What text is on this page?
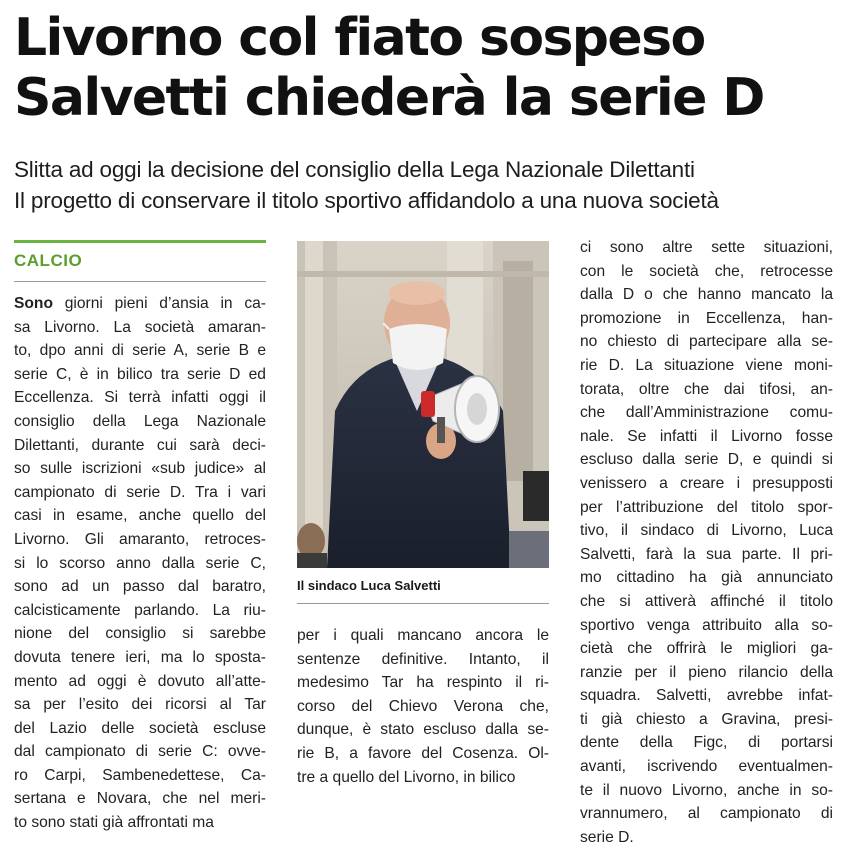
Livorno col fiato sospeso
Salvetti chiederà la serie D
Slitta ad oggi la decisione del consiglio della Lega Nazionale Dilettanti
Il progetto di conservare il titolo sportivo affidandolo a una nuova società
CALCIO
Sono giorni pieni d’ansia in ca-
sa Livorno. La società amaran-
to, dpo anni di serie A, serie B e
serie C, è in bilico tra serie D ed
Eccellenza. Si terrà infatti oggi il
consiglio della Lega Nazionale
Dilettanti, durante cui sarà deci-
so sulle iscrizioni «sub judice» al
campionato di serie D. Tra i vari
casi in esame, anche quello del
Livorno. Gli amaranto, retroces-
si lo scorso anno dalla serie C,
sono ad un passo dal baratro,
calcisticamente parlando. La riu-
nione del consiglio si sarebbe
dovuta tenere ieri, ma lo sposta-
mento ad oggi è dovuto all’atte-
sa per l’esito dei ricorsi al Tar
del Lazio delle società escluse
dal campionato di serie C: ovve-
ro Carpi, Sambenedettese, Ca-
sertana e Novara, che nel meri-
to sono stati già affrontati ma
Il sindaco Luca Salvetti
per i quali mancano ancora le
sentenze definitive. Intanto, il
medesimo Tar ha respinto il ri-
corso del Chievo Verona che,
dunque, è stato escluso dalla se-
rie B, a favore del Cosenza. Ol-
tre a quello del Livorno, in bilico
ci sono altre sette situazioni,
con le società che, retrocesse
dalla D o che hanno mancato la
promozione in Eccellenza, han-
no chiesto di partecipare alla se-
rie D. La situazione viene moni-
torata, oltre che dai tifosi, an-
che dall’Amministrazione comu-
nale. Se infatti il Livorno fosse
escluso dalla serie D, e quindi si
venissero a creare i presupposti
per l’attribuzione del titolo spor-
tivo, il sindaco di Livorno, Luca
Salvetti, farà la sua parte. Il pri-
mo cittadino ha già annunciato
che si attiverà affinché il titolo
sportivo venga attribuito alla so-
cietà che offrirà le migliori ga-
ranzie per il pieno rilancio della
squadra. Salvetti, avrebbe infat-
ti già chiesto a Gravina, presi-
dente della Figc, di portarsi
avanti, iscrivendo eventualmen-
te il nuovo Livorno, anche in so-
vrannumero, al campionato di
serie D.
